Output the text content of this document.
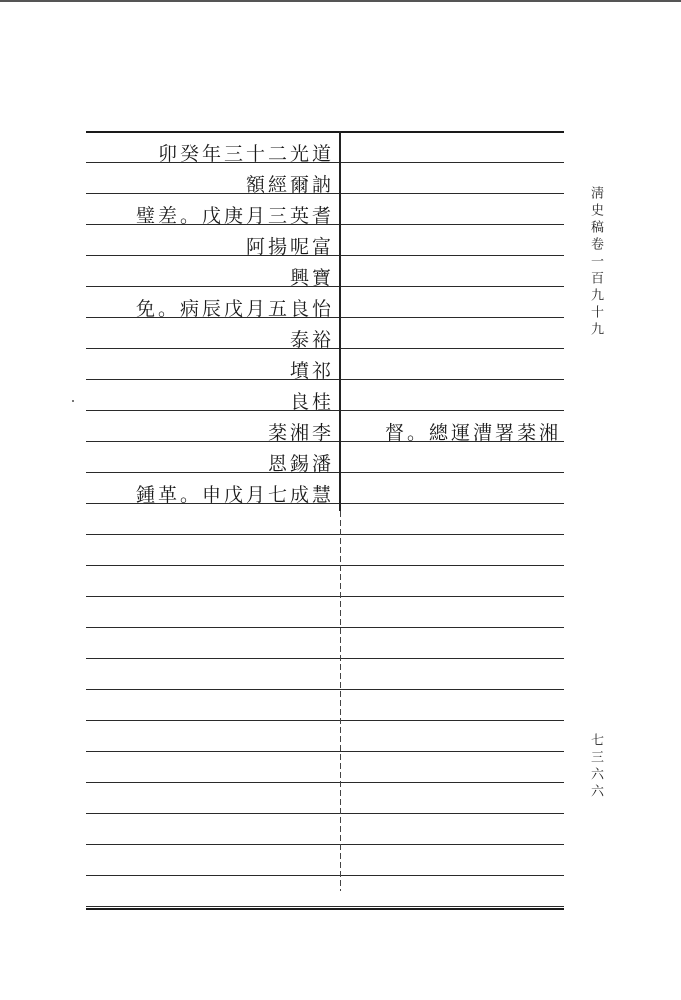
卯癸年三十二光道
額經爾訥
璧差。戊庚月三英耆
阿揚呢富
興寶
免。病辰戊月五良怡
泰裕
墳祁
良桂
棻湘李	督。總運漕署棻湘
恩錫潘
鍾革。申戊月七成慧
淸史稿卷一百九十九
七三六六
